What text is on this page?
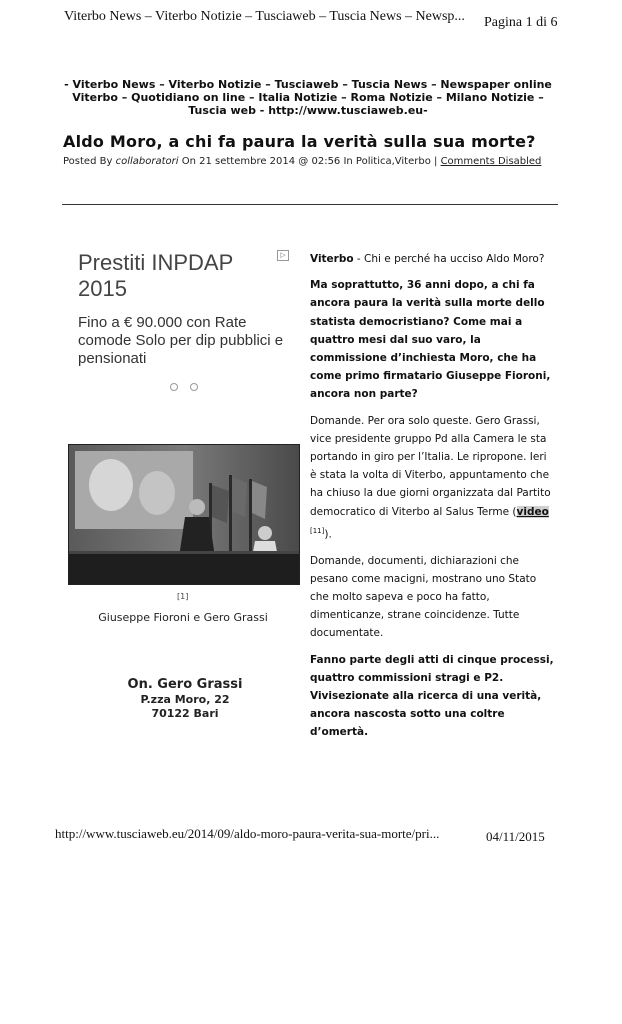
Viterbo News – Viterbo Notizie – Tusciaweb – Tuscia News – Newsp... Pagina 1 di 6
- Viterbo News – Viterbo Notizie – Tusciaweb – Tuscia News – Newspaper online
Viterbo – Quotidiano on line – Italia Notizie – Roma Notizie – Milano Notizie –
Tuscia web - http://www.tusciaweb.eu-
Aldo Moro, a chi fa paura la verità sulla sua morte?
Posted By collaboratori On 21 settembre 2014 @ 02:56 In Politica,Viterbo | Comments Disabled
Prestiti INPDAP
2015
▷
Fino a € 90.000 con Rate comode Solo per dip pubblici e pensionati
[1]
Giuseppe Fioroni e Gero Grassi
On. Gero Grassi
P.zza Moro, 22
70122 Bari

Viterbo - Chi e perché ha ucciso Aldo Moro?

Ma soprattutto, 36 anni dopo, a chi fa ancora paura la verità sulla morte dello statista democristiano? Come mai a quattro mesi dal suo varo, la commissione d’inchiesta Moro, che ha come primo firmatario Giuseppe Fioroni, ancora non parte?

Domande. Per ora solo queste. Gero Grassi, vice presidente gruppo Pd alla Camera le sta portando in giro per l’Italia. Le ripropone. Ieri è stata la volta di Viterbo, appuntamento che ha chiuso la due giorni organizzata dal Partito democratico di Viterbo al Salus Terme (video [11]).

Domande, documenti, dichiarazioni che pesano come macigni, mostrano uno Stato che molto sapeva e poco ha fatto, dimenticanze, strane coincidenze. Tutte documentate.

Fanno parte degli atti di cinque processi, quattro commissioni stragi e P2. Vivisezionate alla ricerca di una verità, ancora nascosta sotto una coltre d’omertà.

http://www.tusciaweb.eu/2014/09/aldo-moro-paura-verita-sua-morte/pri...	04/11/2015
